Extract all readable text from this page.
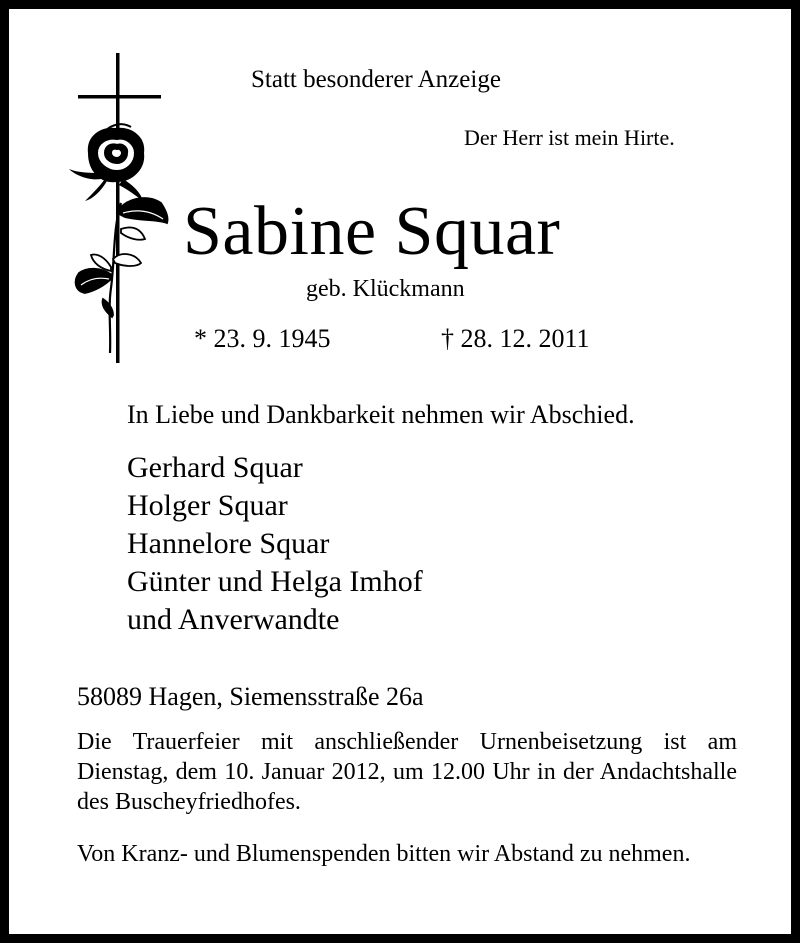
Statt besonderer Anzeige
Der Herr ist mein Hirte.
Sabine Squar
geb. Klückmann
* 23. 9. 1945	† 28. 12. 2011
In Liebe und Dankbarkeit nehmen wir Abschied.
Gerhard Squar
Holger Squar
Hannelore Squar
Günter und Helga Imhof
und Anverwandte
58089 Hagen, Siemensstraße 26a

Die Trauerfeier mit anschließender Urnenbeisetzung ist am Dienstag, dem 10. Januar 2012, um 12.00 Uhr in der Andachtshalle des Buscheyfriedhofes.

Von Kranz- und Blumenspenden bitten wir Abstand zu nehmen.
